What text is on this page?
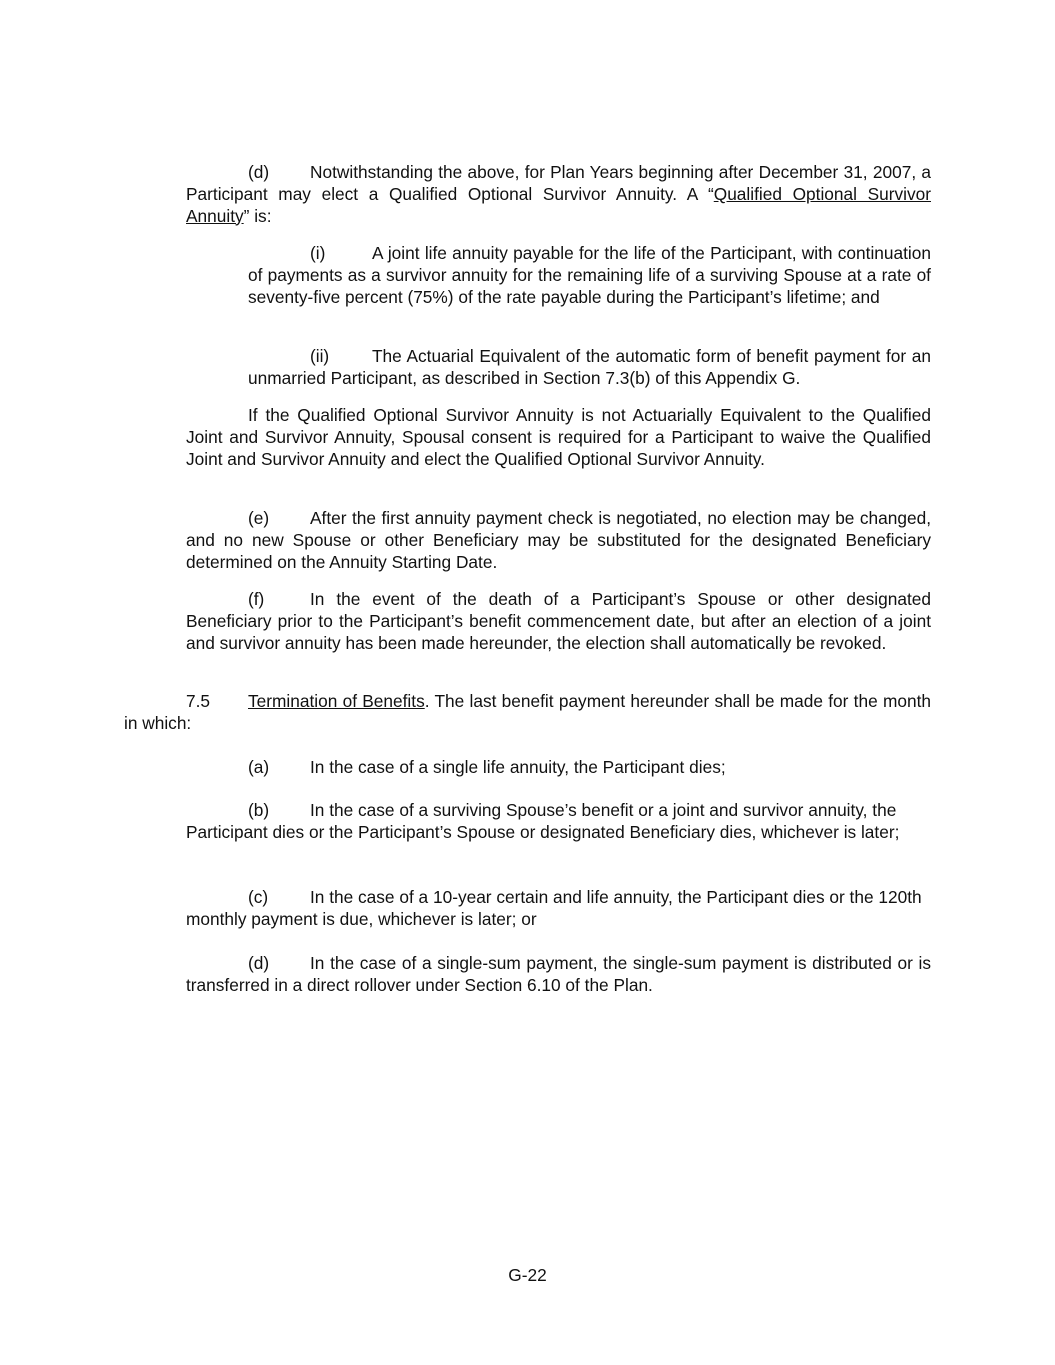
(d) Notwithstanding the above, for Plan Years beginning after December 31, 2007, a Participant may elect a Qualified Optional Survivor Annuity. A “Qualified Optional Survivor Annuity” is:

(i)	A joint life annuity payable for the life of the Participant, with continuation of payments as a survivor annuity for the remaining life of a surviving Spouse at a rate of seventy-five percent (75%) of the rate payable during the Participant’s lifetime; and

(ii) The Actuarial Equivalent of the automatic form of benefit payment for an unmarried Participant, as described in Section 7.3(b) of this Appendix G.

If the Qualified Optional Survivor Annuity is not Actuarially Equivalent to the Qualified Joint and Survivor Annuity, Spousal consent is required for a Participant to waive the Qualified Joint and Survivor Annuity and elect the Qualified Optional Survivor Annuity.

(e) After the first annuity payment check is negotiated, no election may be changed, and no new Spouse or other Beneficiary may be substituted for the designated Beneficiary determined on the Annuity Starting Date.

(f)	In the event of the death of a Participant’s Spouse or other designated Beneficiary prior to the Participant’s benefit commencement date, but after an election of a joint and survivor annuity has been made hereunder, the election shall automatically be revoked.

7.5 Termination of Benefits. The last benefit payment hereunder shall be made for the month in which:

(a) In the case of a single life annuity, the Participant dies;

(b) In the case of a surviving Spouse’s benefit or a joint and survivor annuity, the Participant dies or the Participant’s Spouse or designated Beneficiary dies, whichever is later;

(c) In the case of a 10-year certain and life annuity, the Participant dies or the 120th monthly payment is due, whichever is later; or

(d) In the case of a single-sum payment, the single-sum payment is distributed or is transferred in a direct rollover under Section 6.10 of the Plan.

G-22
